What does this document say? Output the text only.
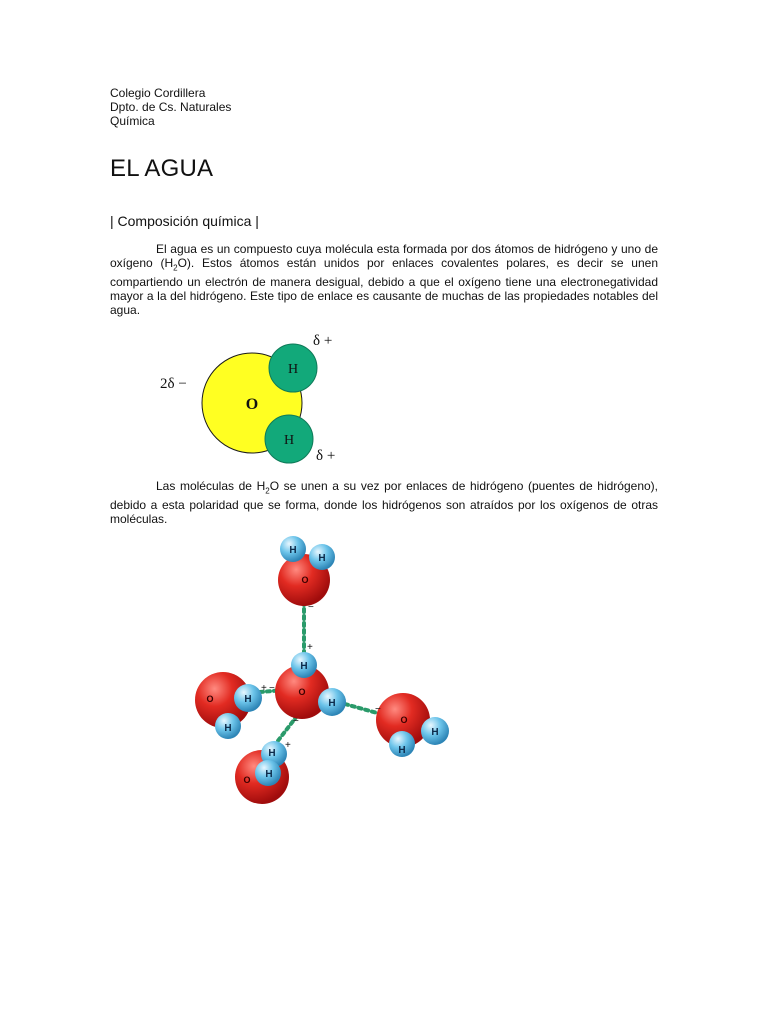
Colegio Cordillera
Dpto. de Cs. Naturales
Química
EL AGUA
| Composición química |

El agua es un compuesto cuya molécula esta formada por dos átomos de hidrógeno y uno de oxígeno $(H_2O)$. Estos átomos están unidos por enlaces covalentes polares, es decir se unen compartiendo un electrón de manera desigual, debido a que el oxígeno tiene una electronegatividad mayor a la del hidrógeno. Este tipo de enlace es causante de muchas de las propiedades notables del agua.

O
H
H
2δ −
δ +
δ +

Las moléculas de $H_2O$ se unen a su vez por enlaces de hidrógeno (puentes de hidrógeno), debido a esta polaridad que se forma, donde los hidrógenos son atraídos por los oxígenos de otras moléculas.

O
H
H
−
O
H
H
+
−
O	H
H
+ −
O
H
H
−
O
H
H
+
